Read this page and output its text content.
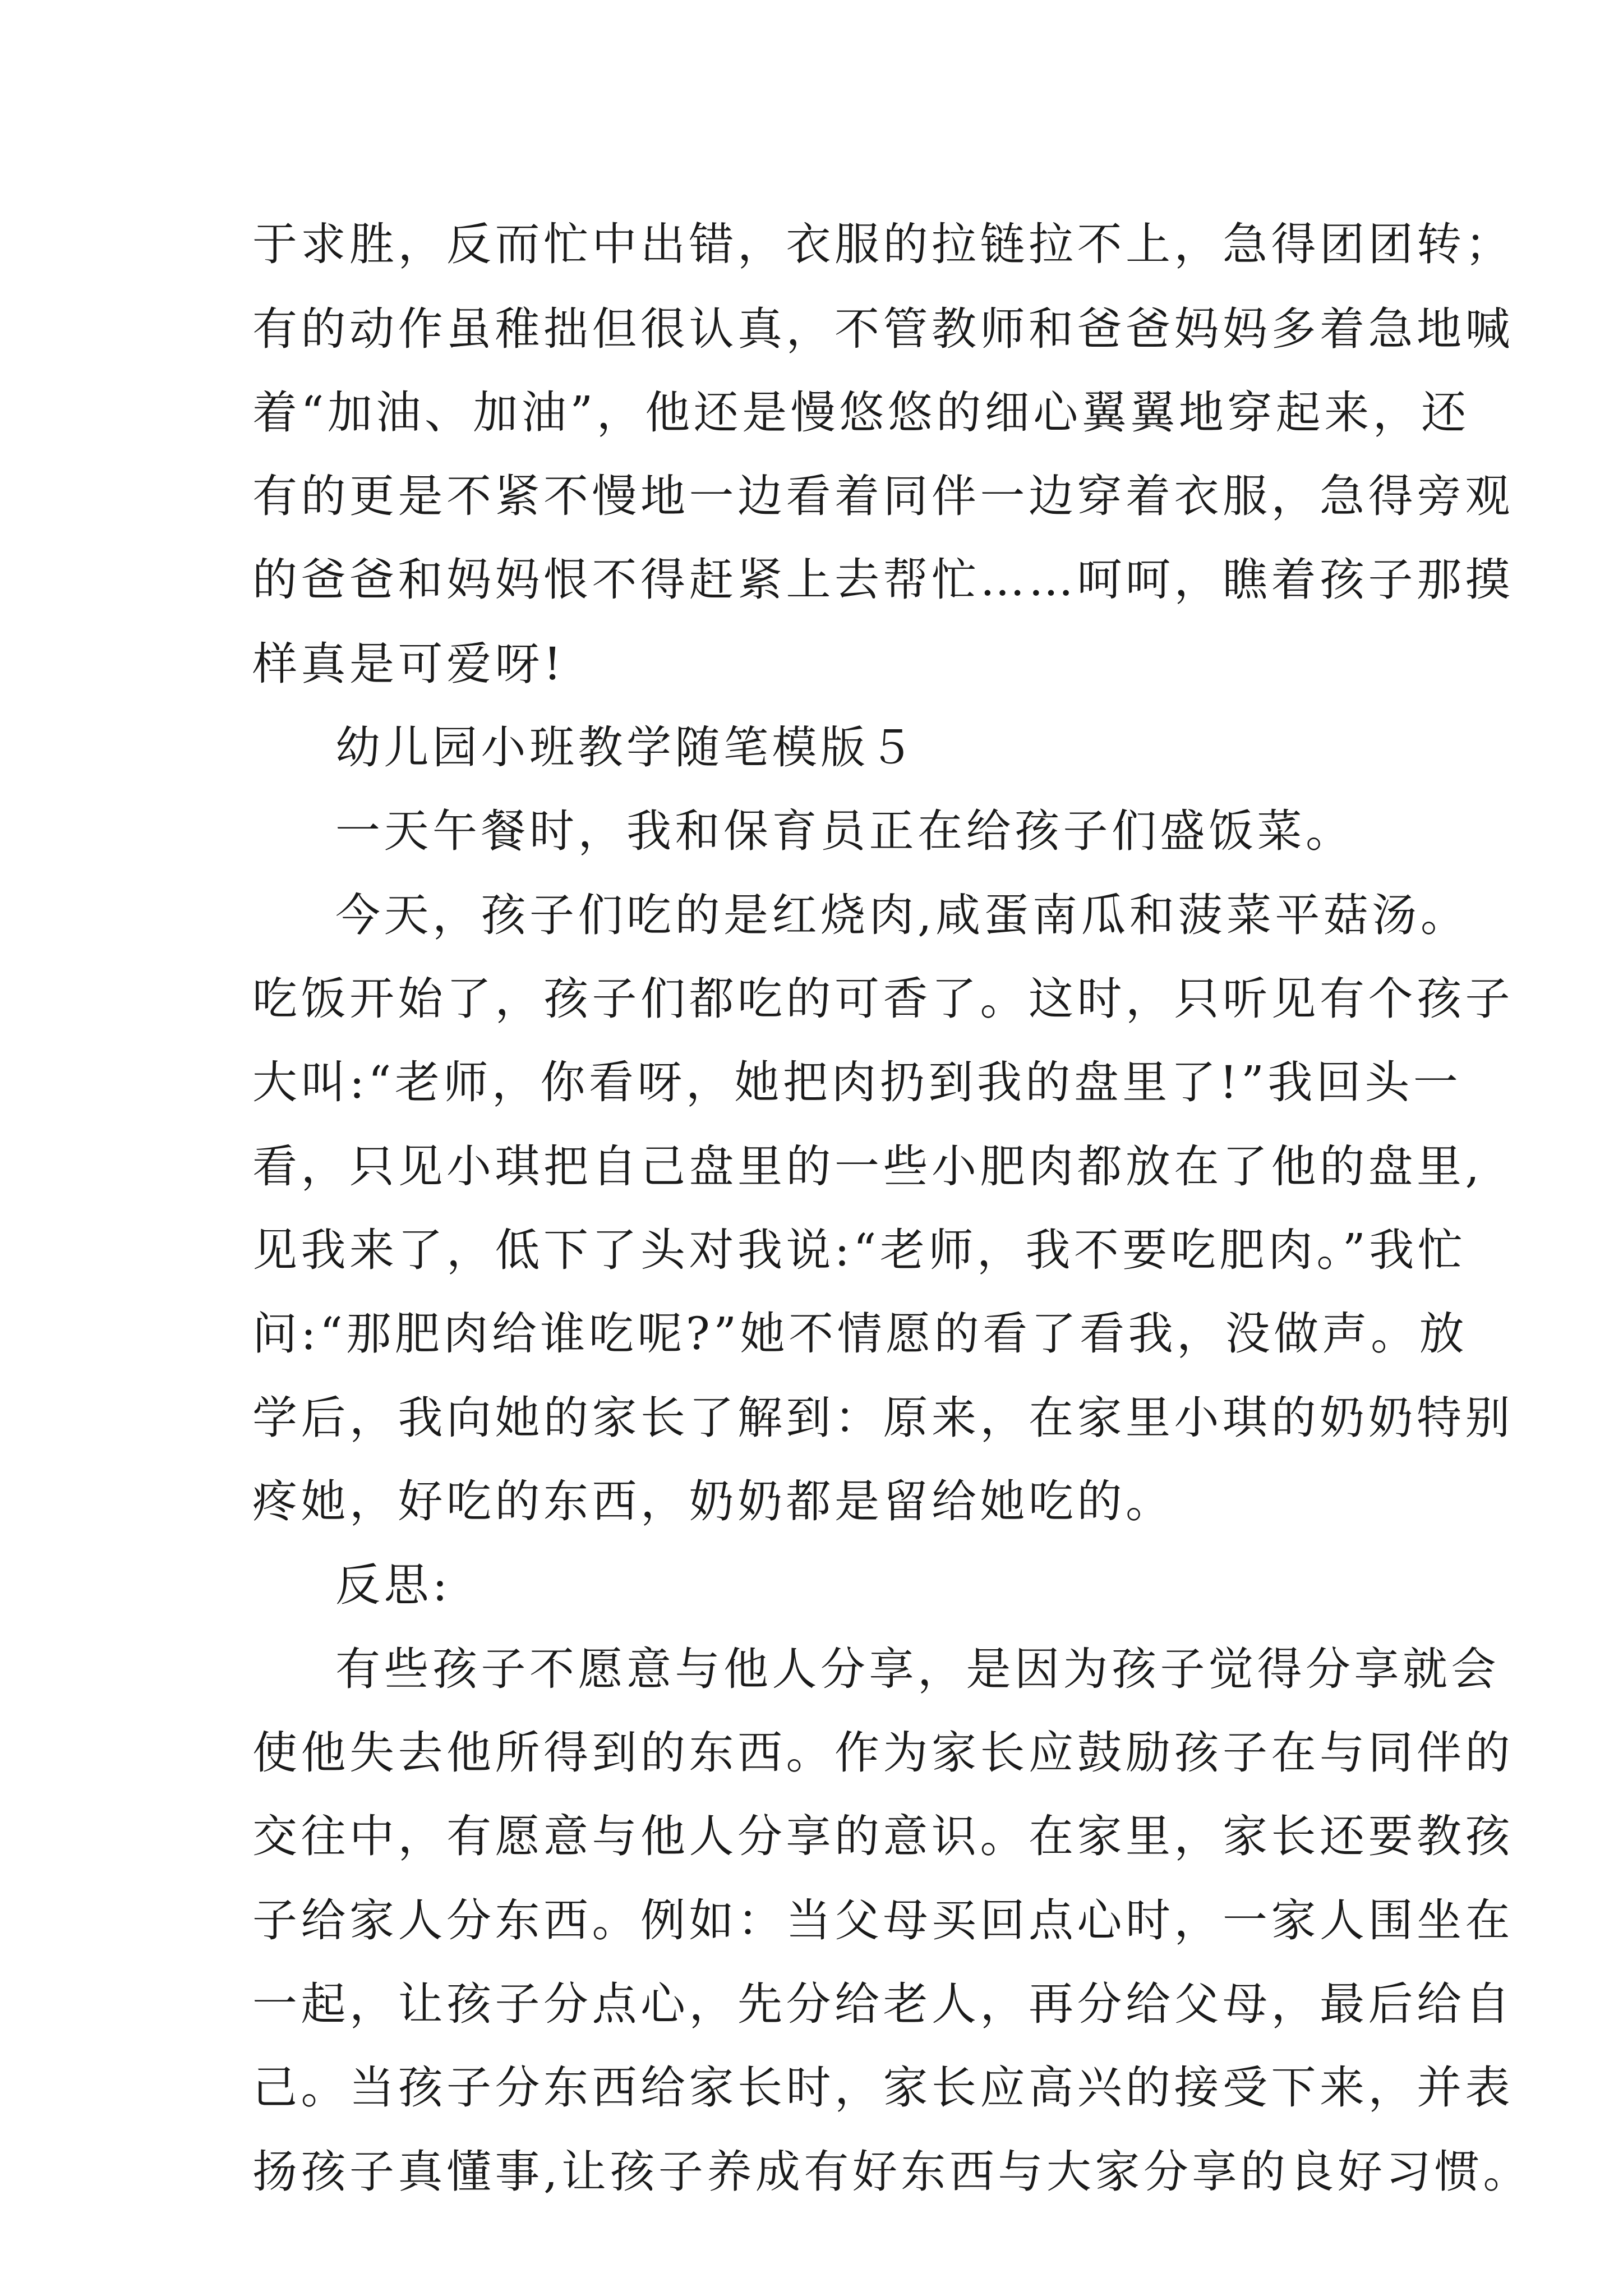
于求胜，反而忙中出错，衣服的拉链拉不上，急得团团转；
有的动作虽稚拙但很认真，不管教师和爸爸妈妈多着急地喊
着“加油、加油”，他还是慢悠悠的细心翼翼地穿起来，还
有的更是不紧不慢地一边看着同伴一边穿着衣服，急得旁观
的爸爸和妈妈恨不得赶紧上去帮忙……呵呵，瞧着孩子那摸
样真是可爱呀!
幼儿园小班教学随笔模版５
一天午餐时，我和保育员正在给孩子们盛饭菜。
今天，孩子们吃的是红烧肉,咸蛋南瓜和菠菜平菇汤。
吃饭开始了，孩子们都吃的可香了。这时，只听见有个孩子
大叫:“老师，你看呀，她把肉扔到我的盘里了!”我回头一
看，只见小琪把自己盘里的一些小肥肉都放在了他的盘里,
见我来了，低下了头对我说:“老师，我不要吃肥肉。”我忙
问:“那肥肉给谁吃呢?”她不情愿的看了看我，没做声。放
学后，我向她的家长了解到：原来，在家里小琪的奶奶特别
疼她，好吃的东西，奶奶都是留给她吃的。
反思:
有些孩子不愿意与他人分享，是因为孩子觉得分享就会
使他失去他所得到的东西。作为家长应鼓励孩子在与同伴的
交往中，有愿意与他人分享的意识。在家里，家长还要教孩
子给家人分东西。例如：当父母买回点心时，一家人围坐在
一起，让孩子分点心，先分给老人，再分给父母，最后给自
己。当孩子分东西给家长时，家长应高兴的接受下来，并表
扬孩子真懂事,让孩子养成有好东西与大家分享的良好习惯。
